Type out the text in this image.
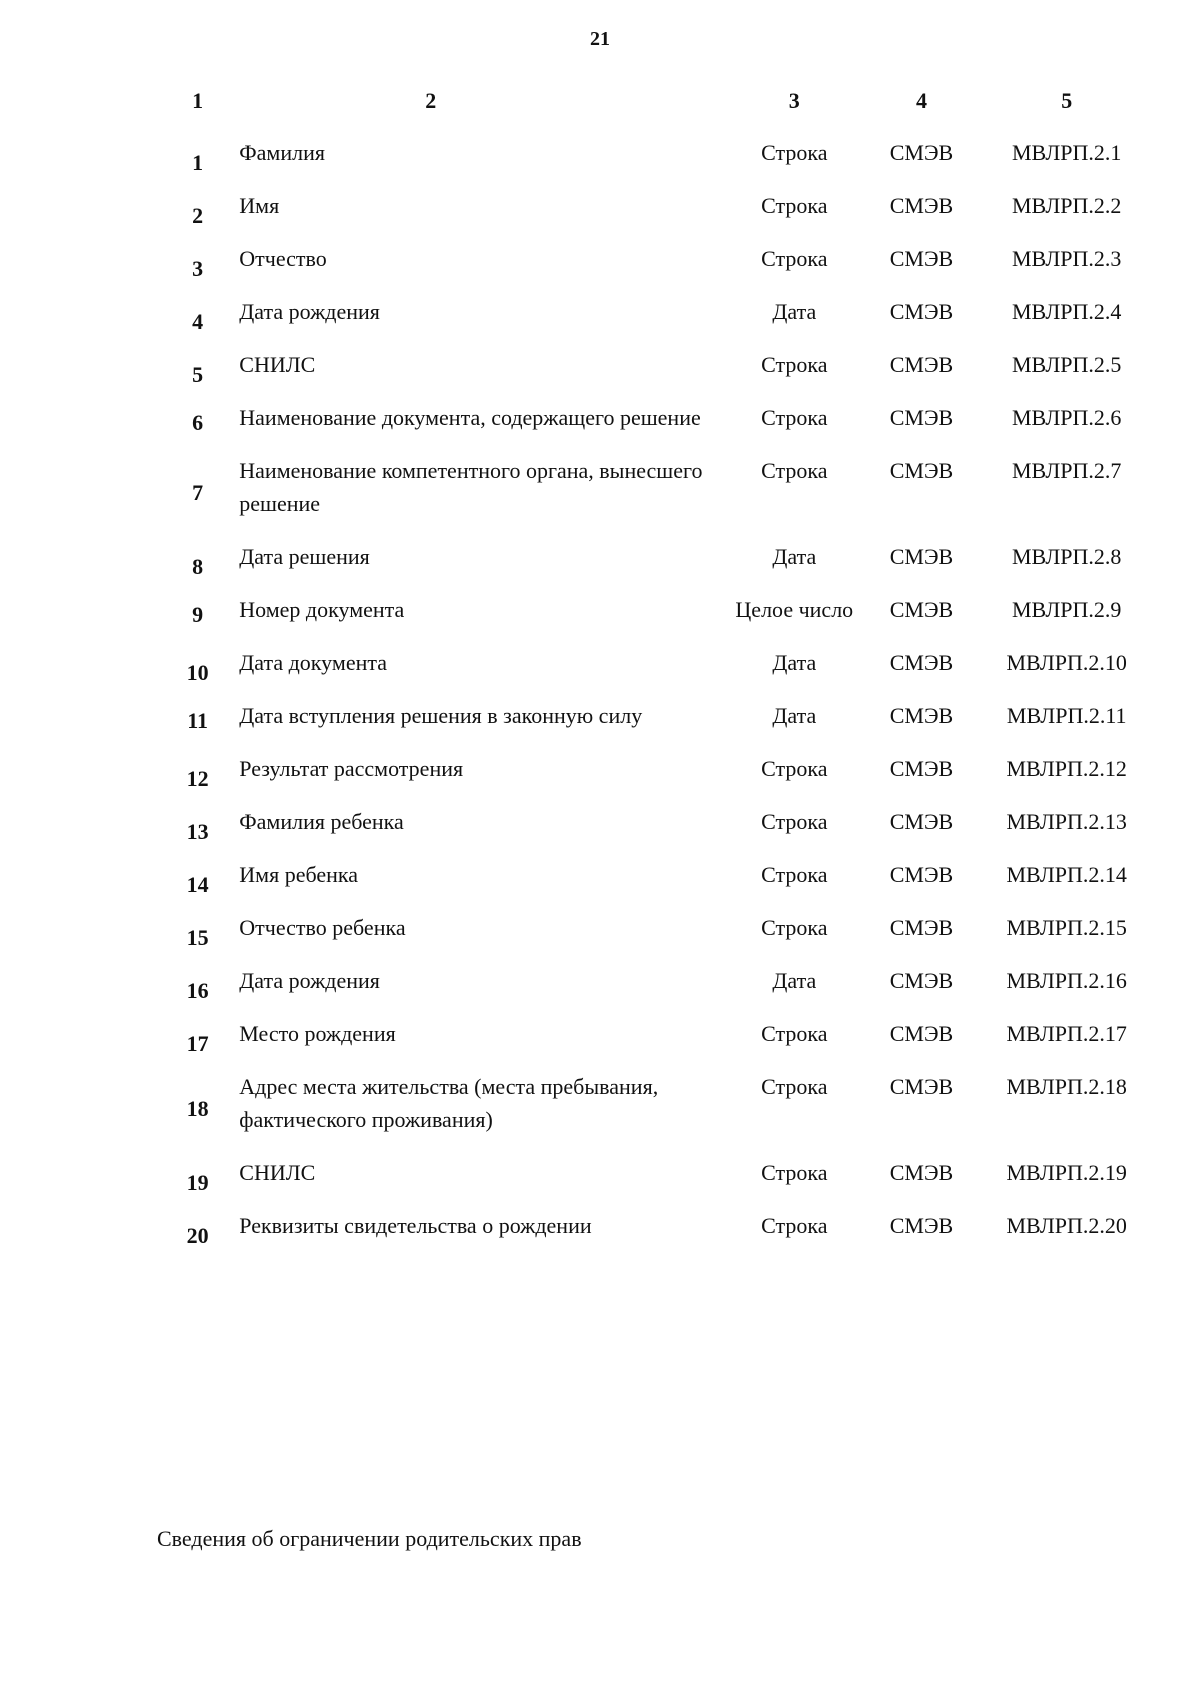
21
1	2	3	4	5
1	Фамилия	Строка	СМЭВ	МВЛРП.2.1
2	Имя	Строка	СМЭВ	МВЛРП.2.2
3	Отчество	Строка	СМЭВ	МВЛРП.2.3
4	Дата рождения	Дата	СМЭВ	МВЛРП.2.4
5	СНИЛС	Строка	СМЭВ	МВЛРП.2.5
6	Наименование документа, содержащего решение	Строка	СМЭВ	МВЛРП.2.6
7	Наименование компетентного органа, вынесшего решение	Строка	СМЭВ	МВЛРП.2.7
8	Дата решения	Дата	СМЭВ	МВЛРП.2.8
9	Номер документа	Целое число	СМЭВ	МВЛРП.2.9
10	Дата документа	Дата	СМЭВ	МВЛРП.2.10
11	Дата вступления решения в законную силу	Дата	СМЭВ	МВЛРП.2.11
12	Результат рассмотрения	Строка	СМЭВ	МВЛРП.2.12
13	Фамилия ребенка	Строка	СМЭВ	МВЛРП.2.13
14	Имя ребенка	Строка	СМЭВ	МВЛРП.2.14
15	Отчество ребенка	Строка	СМЭВ	МВЛРП.2.15
16	Дата рождения	Дата	СМЭВ	МВЛРП.2.16
17	Место рождения	Строка	СМЭВ	МВЛРП.2.17
18	Адрес места жительства (места пребывания, фактического проживания)	Строка	СМЭВ	МВЛРП.2.18
19	СНИЛС	Строка	СМЭВ	МВЛРП.2.19
20	Реквизиты свидетельства о рождении	Строка	СМЭВ	МВЛРП.2.20
Сведения об ограничении родительских прав
